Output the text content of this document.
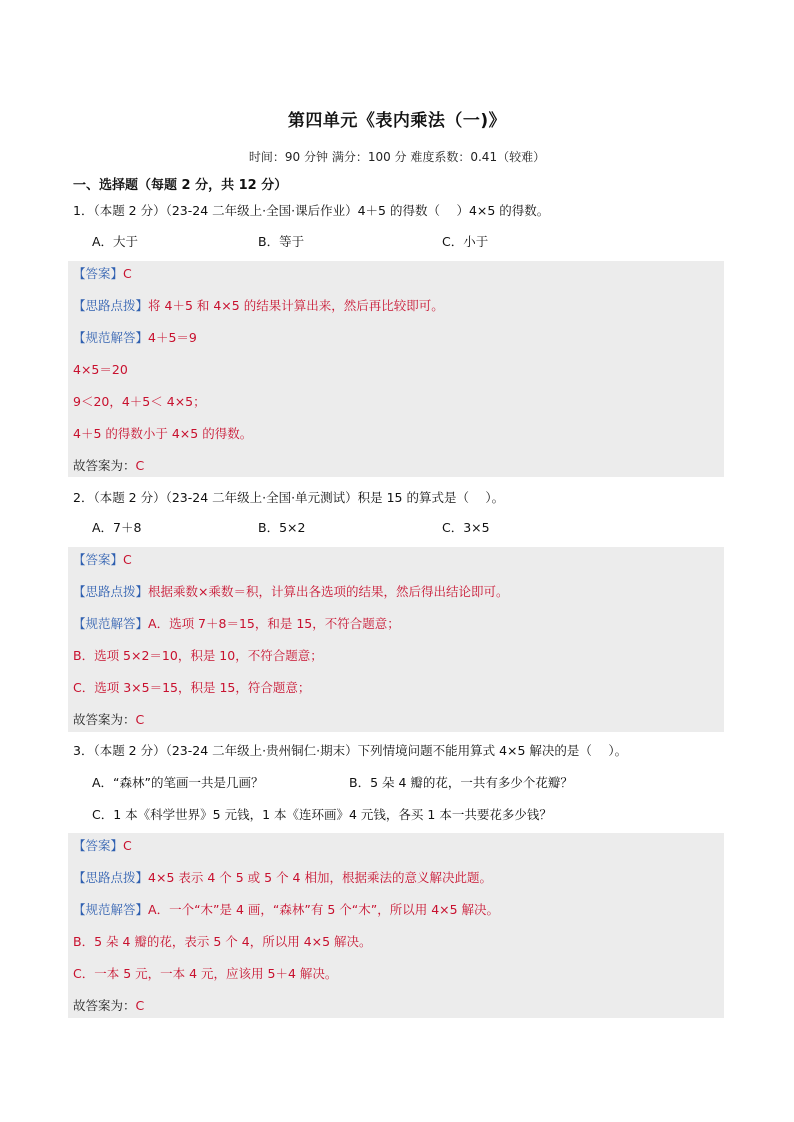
第四单元《表内乘法（一)》
时间：90 分钟 满分：100 分 难度系数：0.41（较难）
一、选择题（每题 2 分，共 12 分）
1．（本题 2 分）（23-24 二年级上·全国·课后作业）4＋5 的得数（　 ）4×5 的得数。
A．大于	B．等于	C．小于
【答案】C
【思路点拨】将 4＋5 和 4×5 的结果计算出来，然后再比较即可。
【规范解答】4＋5＝9
4×5＝20
9＜20，4＋5＜ 4×5；
4＋5 的得数小于 4×5 的得数。
故答案为：C
2．（本题 2 分）（23-24 二年级上·全国·单元测试）积是 15 的算式是（　 ）。
A．7＋8	B．5×2	C．3×5
【答案】C
【思路点拨】根据乘数×乘数＝积，计算出各选项的结果，然后得出结论即可。
【规范解答】A．选项 7＋8＝15，和是 15，不符合题意；
B．选项 5×2＝10，积是 10，不符合题意；
C．选项 3×5＝15，积是 15，符合题意；
故答案为：C
3．（本题 2 分）（23-24 二年级上·贵州铜仁·期末）下列情境问题不能用算式 4×5 解决的是（　 ）。
A．“森林”的笔画一共是几画？	B．5 朵 4 瓣的花，一共有多少个花瓣？
C．1 本《科学世界》5 元钱，1 本《连环画》4 元钱，各买 1 本一共要花多少钱？
【答案】C
【思路点拨】4×5 表示 4 个 5 或 5 个 4 相加，根据乘法的意义解决此题。
【规范解答】A．一个“木”是 4 画，“森林”有 5 个“木”，所以用 4×5 解决。
B．5 朵 4 瓣的花，表示 5 个 4，所以用 4×5 解决。
C．一本 5 元，一本 4 元，应该用 5＋4 解决。
故答案为：C
